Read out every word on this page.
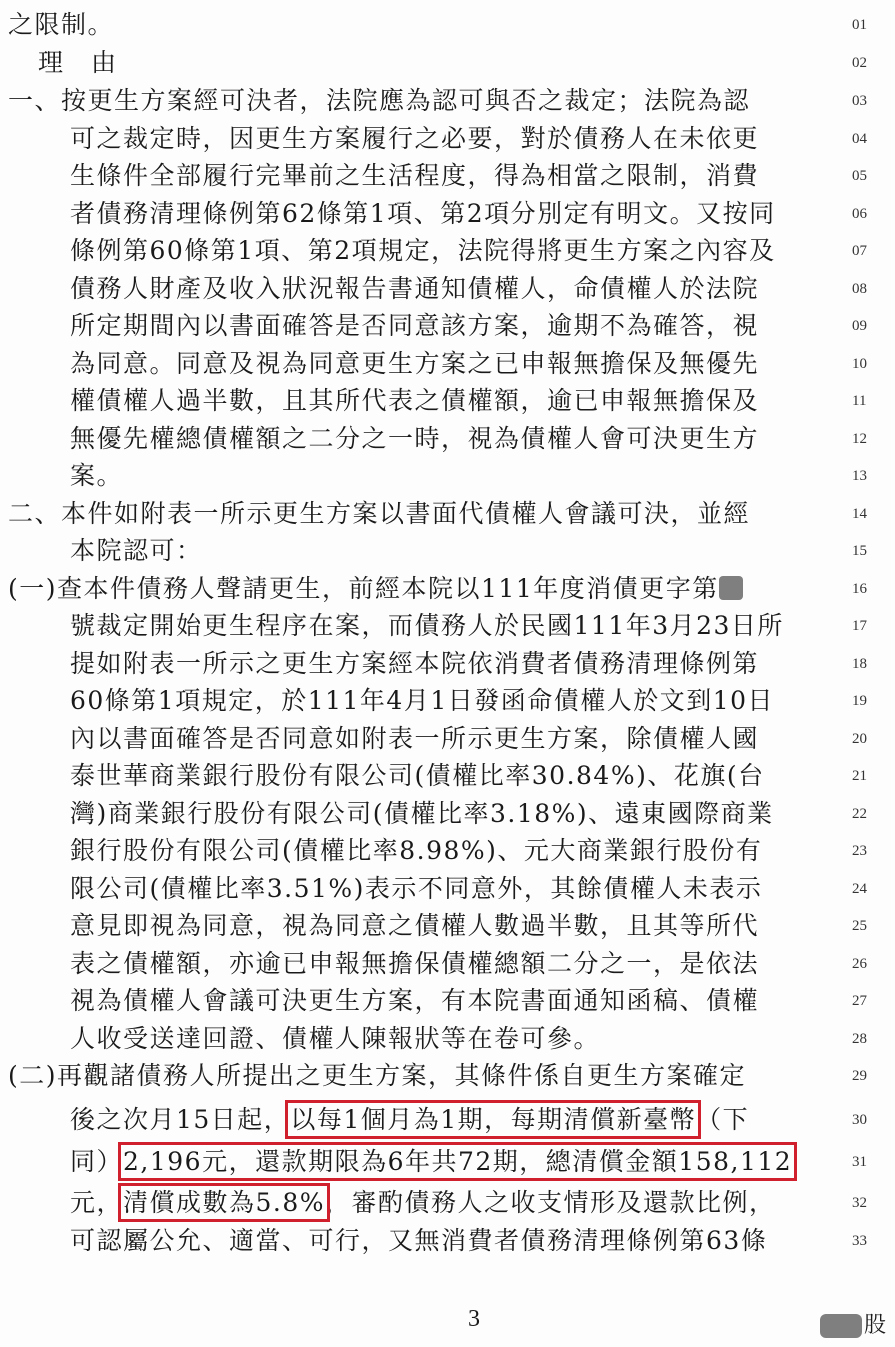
之限制。	01
理　由	02
一、按更生方案經可決者，法院應為認可與否之裁定；法院為認	03
可之裁定時，因更生方案履行之必要，對於債務人在未依更	04
生條件全部履行完畢前之生活程度，得為相當之限制，消費	05
者債務清理條例第62條第1項、第2項分別定有明文。又按同	06
條例第60條第1項、第2項規定，法院得將更生方案之內容及	07
債務人財產及收入狀況報告書通知債權人，命債權人於法院	08
所定期間內以書面確答是否同意該方案，逾期不為確答，視	09
為同意。同意及視為同意更生方案之已申報無擔保及無優先	10
權債權人過半數，且其所代表之債權額，逾已申報無擔保及	11
無優先權總債權額之二分之一時，視為債權人會可決更生方	12
案。	13
二、本件如附表一所示更生方案以書面代債權人會議可決，並經	14
本院認可：	15
(一)查本件債務人聲請更生，前經本院以111年度消債更字第	16
號裁定開始更生程序在案，而債務人於民國111年3月23日所	17
提如附表一所示之更生方案經本院依消費者債務清理條例第	18
60條第1項規定，於111年4月1日發函命債權人於文到10日	19
內以書面確答是否同意如附表一所示更生方案，除債權人國	20
泰世華商業銀行股份有限公司(債權比率30.84%)、花旗(台	21
灣)商業銀行股份有限公司(債權比率3.18%)、遠東國際商業	22
銀行股份有限公司(債權比率8.98%)、元大商業銀行股份有	23
限公司(債權比率3.51%)表示不同意外，其餘債權人未表示	24
意見即視為同意，視為同意之債權人數過半數，且其等所代	25
表之債權額，亦逾已申報無擔保債權總額二分之一，是依法	26
視為債權人會議可決更生方案，有本院書面通知函稿、債權	27
人收受送達回證、債權人陳報狀等在卷可參。	28
(二)再觀諸債務人所提出之更生方案，其條件係自更生方案確定	29
後之次月15日起，以每1個月為1期，每期清償新臺幣（下	30
同）2,196元，還款期限為6年共72期，總清償金額158,112	31
元，清償成數為5.8%，審酌債務人之收支情形及還款比例，	32
可認屬公允、適當、可行，又無消費者債務清理條例第63條	33
3	股
